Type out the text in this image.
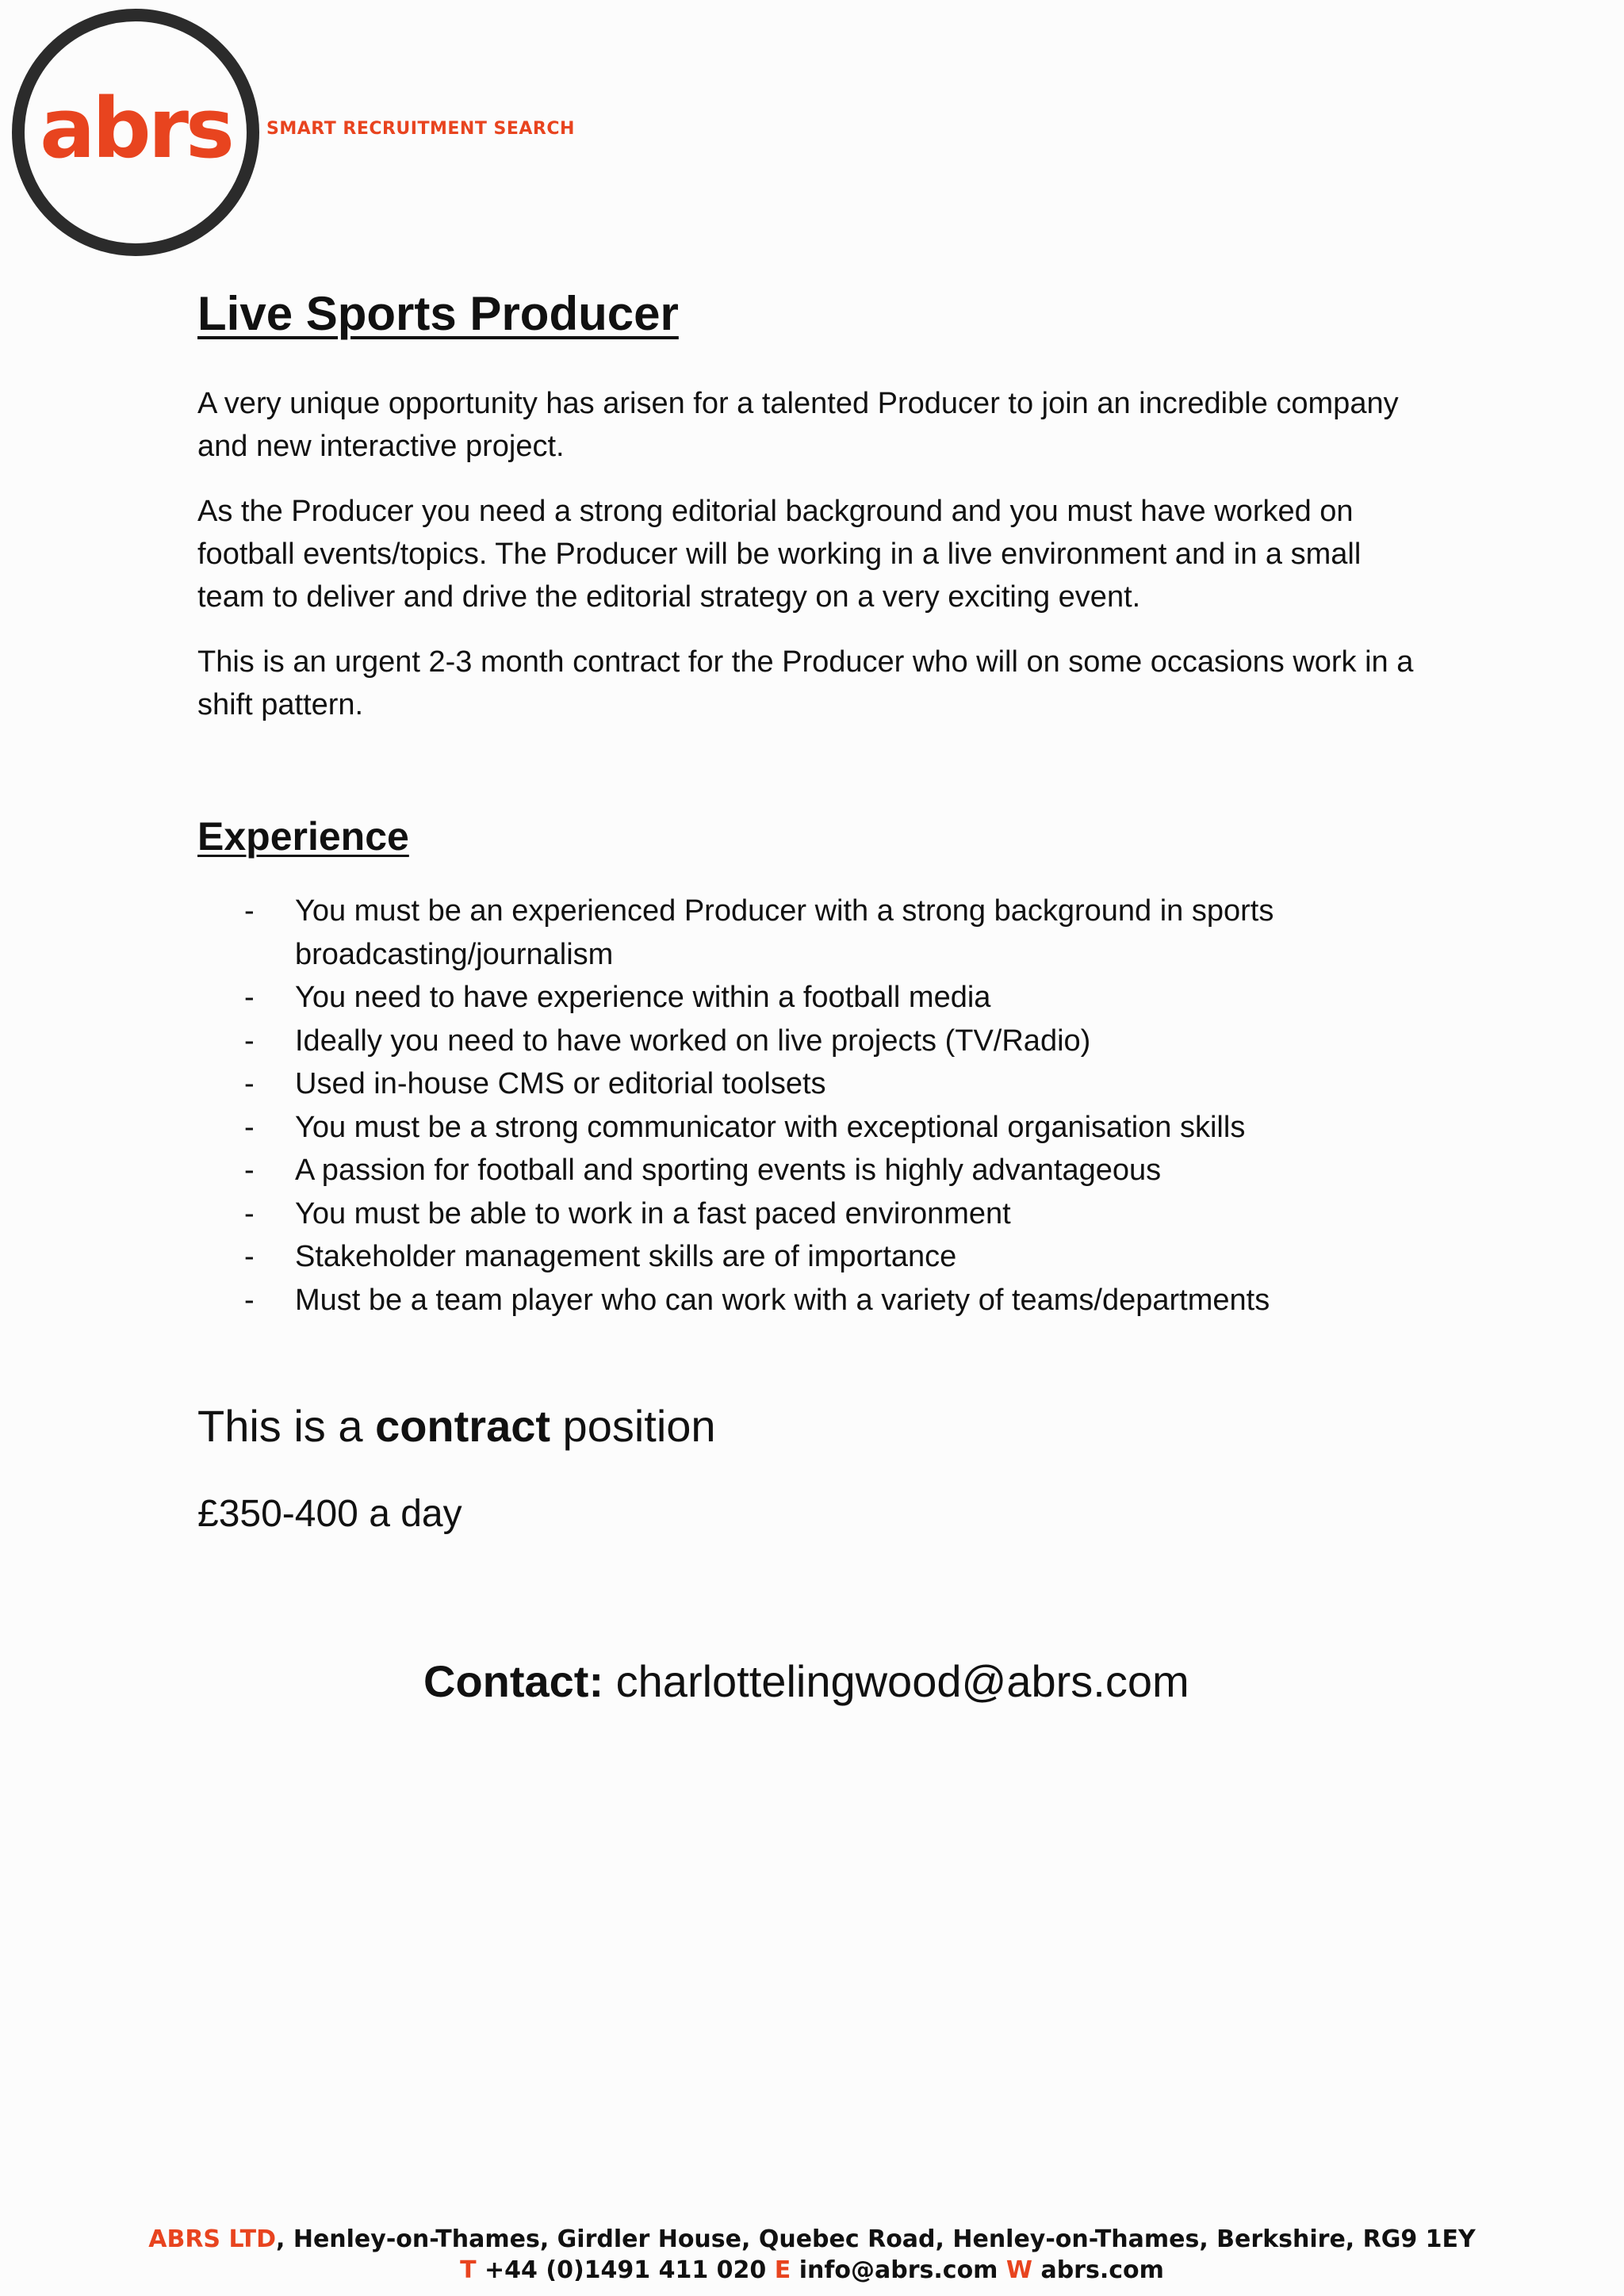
abrs SMART RECRUITMENT SEARCH
Live Sports Producer

A very unique opportunity has arisen for a talented Producer to join an incredible company and new interactive project.

As the Producer you need a strong editorial background and you must have worked on football events/topics. The Producer will be working in a live environment and in a small team to deliver and drive the editorial strategy on a very exciting event.

This is an urgent 2-3 month contract for the Producer who will on some occasions work in a shift pattern.

Experience
- You must be an experienced Producer with a strong background in sports broadcasting/journalism
- You need to have experience within a football media
- Ideally you need to have worked on live projects (TV/Radio)
- Used in-house CMS or editorial toolsets
- You must be a strong communicator with exceptional organisation skills
- A passion for football and sporting events is highly advantageous
- You must be able to work in a fast paced environment
- Stakeholder management skills are of importance
- Must be a team player who can work with a variety of teams/departments

This is a contract position

£350-400 a day

Contact: charlottelingwood@abrs.com

ABRS LTD, Henley-on-Thames, Girdler House, Quebec Road, Henley-on-Thames, Berkshire, RG9 1EY
T +44 (0)1491 411 020 E info@abrs.com W abrs.com
